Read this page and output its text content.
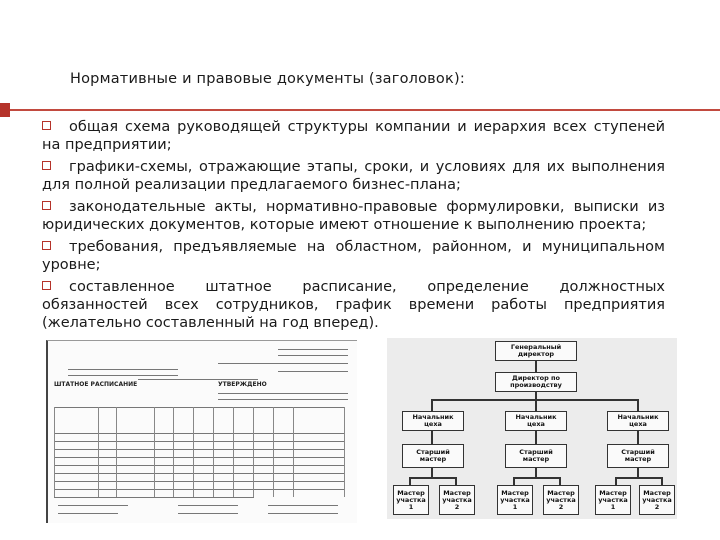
Нормативные и правовые документы (заголовок):
общая схема руководящей структуры компании и иерархия всех ступеней на предприятии;
графики-схемы, отражающие этапы, сроки, и условиях для их выполнения для полной реализации предлагаемого бизнес-плана;
законодательные акты, нормативно-правовые формулировки, выписки из юридических документов, которые имеют отношение к выполнению проекта;
требования, предъявляемые на областном, районном, и муниципальном уровне;
составленное штатное расписание, определение должностных обязанностей всех сотрудников, график времени работы предприятия (желательно составленный на год вперед).
ШТАТНОЕ РАСПИСАНИЕ	УТВЕРЖДЕНО
Генеральный директор
Директор по производству
Начальник цеха
Начальник цеха
Начальник цеха
Старший мастер
Старший мастер
Старший мастер
Мастер участка 1
Мастер участка 2
Мастер участка 1
Мастер участка 2
Мастер участка 1
Мастер участка 2
